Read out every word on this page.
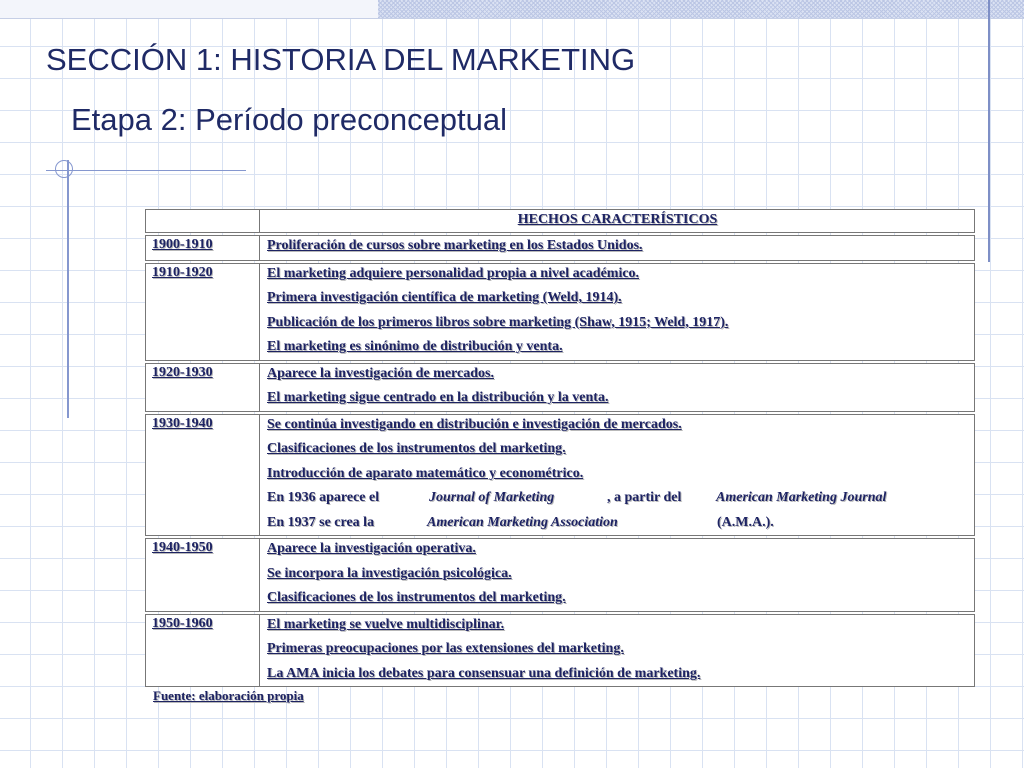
SECCIÓN 1: HISTORIA DEL MARKETING
Etapa 2: Período preconceptual
	HECHOS CARACTERÍSTICOS

1900-1910	Proliferación de cursos sobre marketing en los Estados Unidos.

1910-1920	El marketing adquiere personalidad propia a nivel académico.
Primera investigación científica de marketing (Weld, 1914).
Publicación de los primeros libros sobre marketing (Shaw, 1915; Weld, 1917).
El marketing es sinónimo de distribución y venta.

1920-1930	Aparece la investigación de mercados.
El marketing sigue centrado en la distribución y la venta.

1930-1940	Se continúa investigando en distribución e investigación de mercados.
Clasificaciones de los instrumentos del marketing.
Introducción de aparato matemático y econométrico.
En 1936 aparece el Journal of Marketing , a partir del American Marketing Journal
En 1937 se crea la American Marketing Association (A.M.A.).

1940-1950	Aparece la investigación operativa.
Se incorpora la investigación psicológica.
Clasificaciones de los instrumentos del marketing.

1950-1960	El marketing se vuelve multidisciplinar.
Primeras preocupaciones por las extensiones del marketing.
La AMA inicia los debates para consensuar una definición de marketing.

Fuente: elaboración propia
